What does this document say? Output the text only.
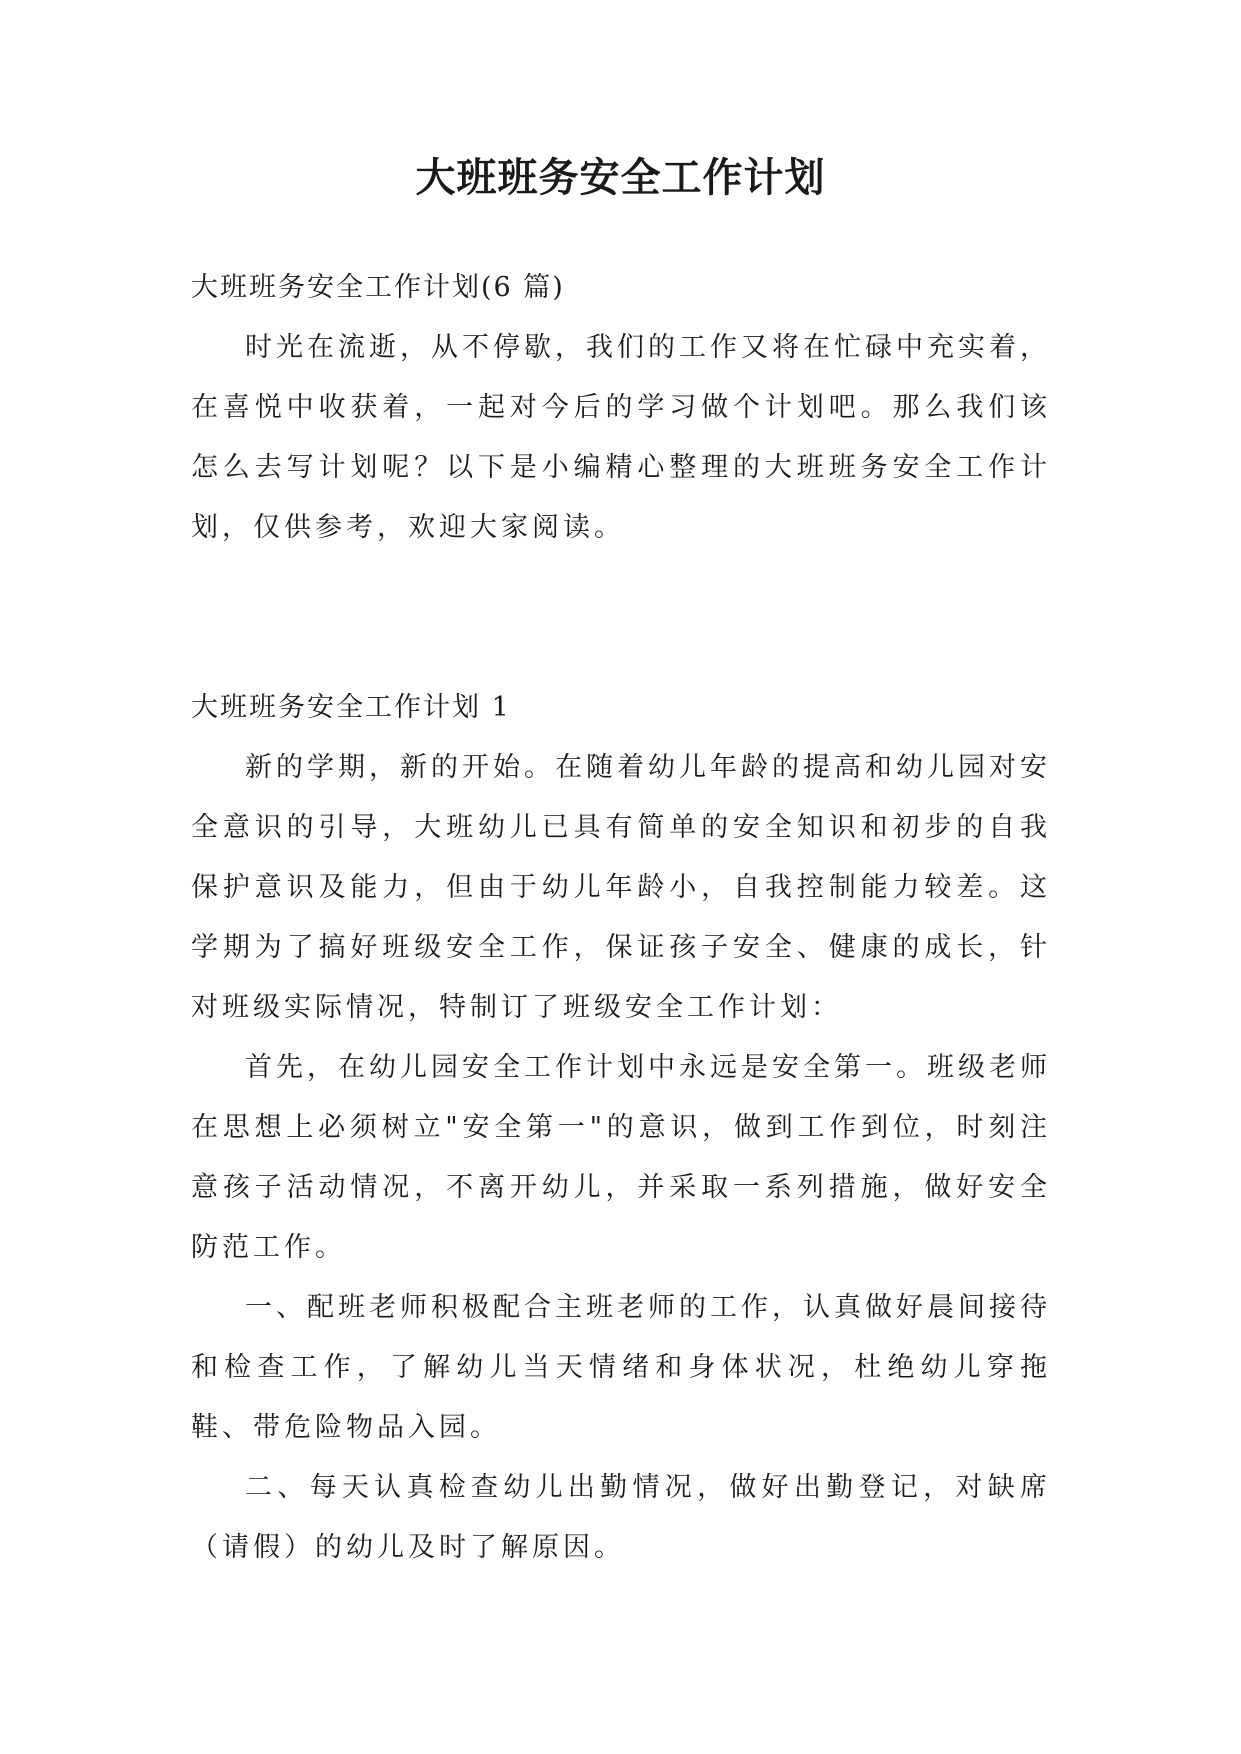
大班班务安全工作计划

大班班务安全工作计划(6 篇)

时光在流逝，从不停歇，我们的工作又将在忙碌中充实着，在喜悦中收获着，一起对今后的学习做个计划吧。那么我们该怎么去写计划呢？以下是小编精心整理的大班班务安全工作计划，仅供参考，欢迎大家阅读。

大班班务安全工作计划 1

新的学期，新的开始。在随着幼儿年龄的提高和幼儿园对安全意识的引导，大班幼儿已具有简单的安全知识和初步的自我保护意识及能力，但由于幼儿年龄小，自我控制能力较差。这学期为了搞好班级安全工作，保证孩子安全、健康的成长，针对班级实际情况，特制订了班级安全工作计划：

首先，在幼儿园安全工作计划中永远是安全第一。班级老师在思想上必须树立"安全第一"的意识，做到工作到位，时刻注意孩子活动情况，不离开幼儿，并采取一系列措施，做好安全防范工作。

一、配班老师积极配合主班老师的工作，认真做好晨间接待和检查工作，了解幼儿当天情绪和身体状况，杜绝幼儿穿拖鞋、带危险物品入园。

二、每天认真检查幼儿出勤情况，做好出勤登记，对缺席（请假）的幼儿及时了解原因。
